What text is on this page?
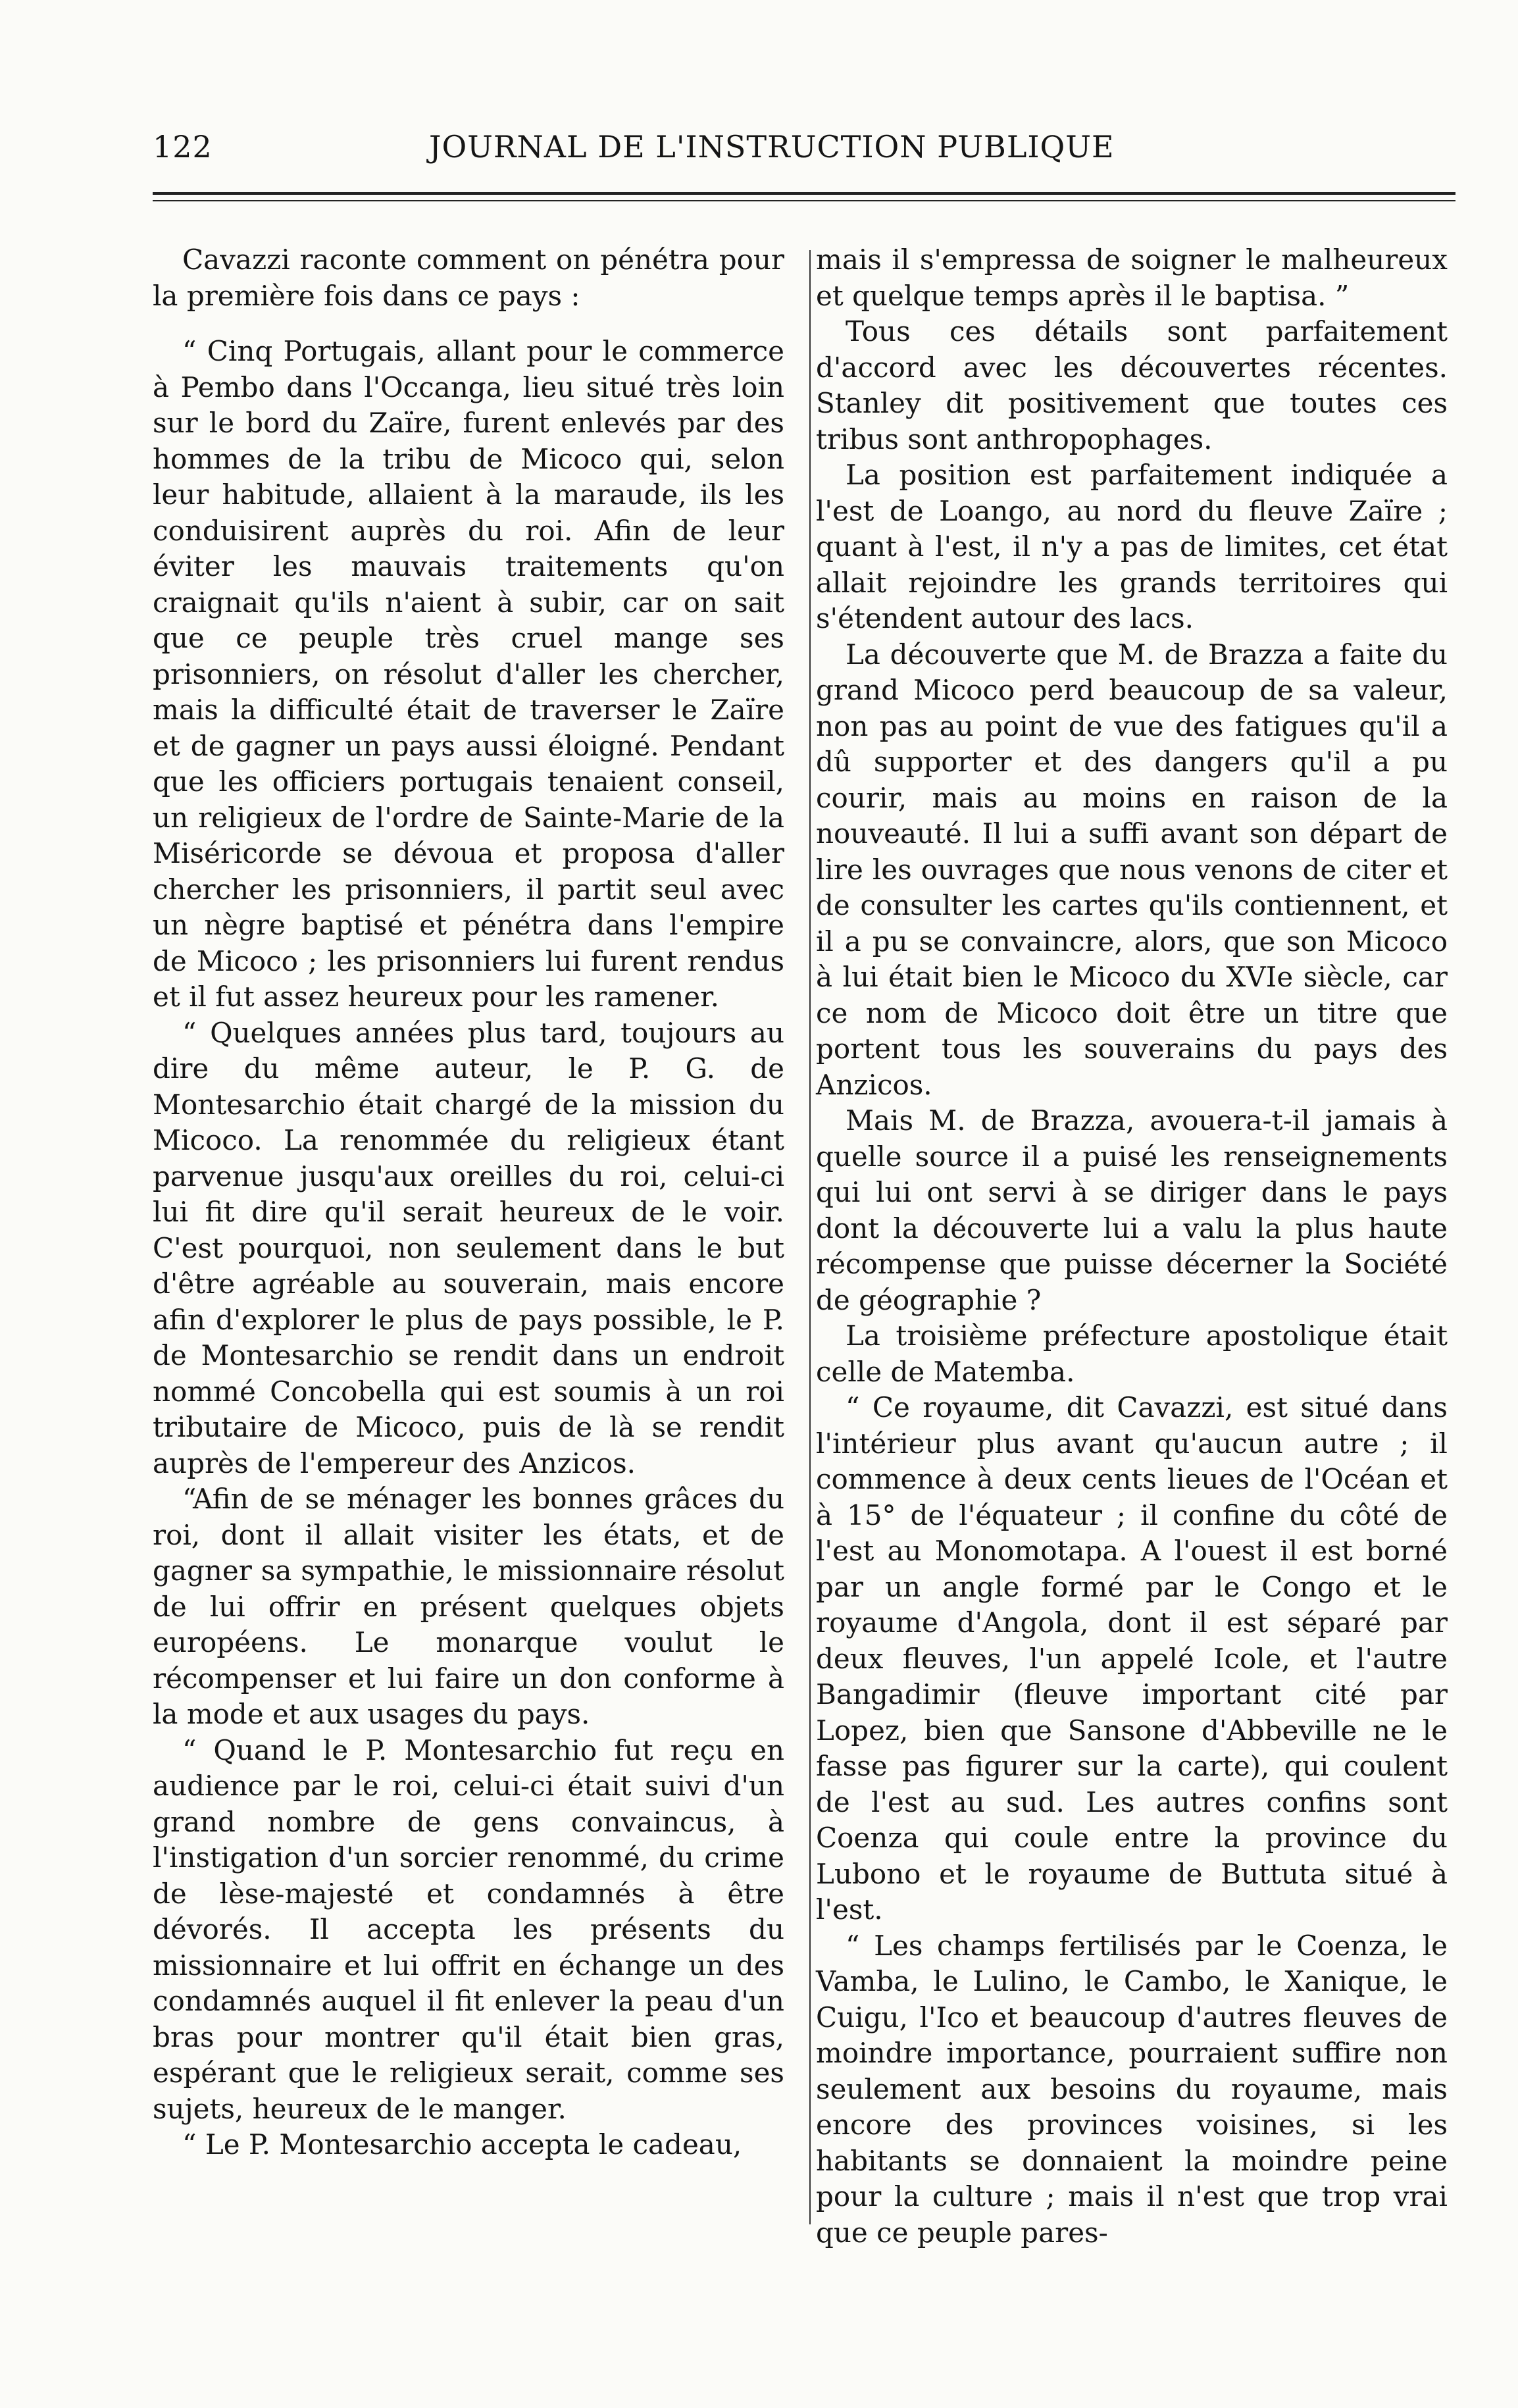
122	JOURNAL DE L'INSTRUCTION PUBLIQUE

Cavazzi raconte comment on pénétra pour la première fois dans ce pays :

“ Cinq Portugais, allant pour le commerce à Pembo dans l'Occanga, lieu situé très loin sur le bord du Zaïre, furent enlevés par des hommes de la tribu de Micoco qui, selon leur habitude, allaient à la maraude, ils les conduisirent auprès du roi. Afin de leur éviter les mauvais traitements qu'on craignait qu'ils n'aient à subir, car on sait que ce peuple très cruel mange ses prisonniers, on résolut d'aller les chercher, mais la difficulté était de traverser le Zaïre et de gagner un pays aussi éloigné. Pendant que les officiers portugais tenaient conseil, un religieux de l'ordre de Sainte-Marie de la Miséricorde se dévoua et proposa d'aller chercher les prisonniers, il partit seul avec un nègre baptisé et pénétra dans l'empire de Micoco ; les prisonniers lui furent rendus et il fut assez heureux pour les ramener.

“ Quelques années plus tard, toujours au dire du même auteur, le P. G. de Montesarchio était chargé de la mission du Micoco. La renommée du religieux étant parvenue jusqu'aux oreilles du roi, celui-ci lui fit dire qu'il serait heureux de le voir. C'est pourquoi, non seulement dans le but d'être agréable au souverain, mais encore afin d'explorer le plus de pays possible, le P. de Montesarchio se rendit dans un endroit nommé Concobella qui est soumis à un roi tributaire de Micoco, puis de là se rendit auprès de l'empereur des Anzicos.

“Afin de se ménager les bonnes grâces du roi, dont il allait visiter les états, et de gagner sa sympathie, le missionnaire résolut de lui offrir en présent quelques objets européens. Le monarque voulut le récompenser et lui faire un don conforme à la mode et aux usages du pays.

“ Quand le P. Montesarchio fut reçu en audience par le roi, celui-ci était suivi d'un grand nombre de gens convaincus, à l'instigation d'un sorcier renommé, du crime de lèse-majesté et condamnés à être dévorés. Il accepta les présents du missionnaire et lui offrit en échange un des condamnés auquel il fit enlever la peau d'un bras pour montrer qu'il était bien gras, espérant que le religieux serait, comme ses sujets, heureux de le manger.

“ Le P. Montesarchio accepta le cadeau,

mais il s'empressa de soigner le malheureux et quelque temps après il le baptisa. ”

Tous ces détails sont parfaitement d'accord avec les découvertes récentes. Stanley dit positivement que toutes ces tribus sont anthropophages.

La position est parfaitement indiquée a l'est de Loango, au nord du fleuve Zaïre ; quant à l'est, il n'y a pas de limites, cet état allait rejoindre les grands territoires qui s'étendent autour des lacs.

La découverte que M. de Brazza a faite du grand Micoco perd beaucoup de sa valeur, non pas au point de vue des fatigues qu'il a dû supporter et des dangers qu'il a pu courir, mais au moins en raison de la nouveauté. Il lui a suffi avant son départ de lire les ouvrages que nous venons de citer et de consulter les cartes qu'ils contiennent, et il a pu se convaincre, alors, que son Micoco à lui était bien le Micoco du XVIe siècle, car ce nom de Micoco doit être un titre que portent tous les souverains du pays des Anzicos.

Mais M. de Brazza, avouera-t-il jamais à quelle source il a puisé les renseignements qui lui ont servi à se diriger dans le pays dont la découverte lui a valu la plus haute récompense que puisse décerner la Société de géographie ?

La troisième préfecture apostolique était celle de Matemba.

“ Ce royaume, dit Cavazzi, est situé dans l'intérieur plus avant qu'aucun autre ; il commence à deux cents lieues de l'Océan et à 15° de l'équateur ; il confine du côté de l'est au Monomotapa. A l'ouest il est borné par un angle formé par le Congo et le royaume d'Angola, dont il est séparé par deux fleuves, l'un appelé Icole, et l'autre Bangadimir (fleuve important cité par Lopez, bien que Sansone d'Abbeville ne le fasse pas figurer sur la carte), qui coulent de l'est au sud. Les autres confins sont Coenza qui coule entre la province du Lubono et le royaume de Buttuta situé à l'est.

“ Les champs fertilisés par le Coenza, le Vamba, le Lulino, le Cambo, le Xanique, le Cuigu, l'Ico et beaucoup d'autres fleuves de moindre importance, pourraient suffire non seulement aux besoins du royaume, mais encore des provinces voisines, si les habitants se donnaient la moindre peine pour la culture ; mais il n'est que trop vrai que ce peuple pares-
